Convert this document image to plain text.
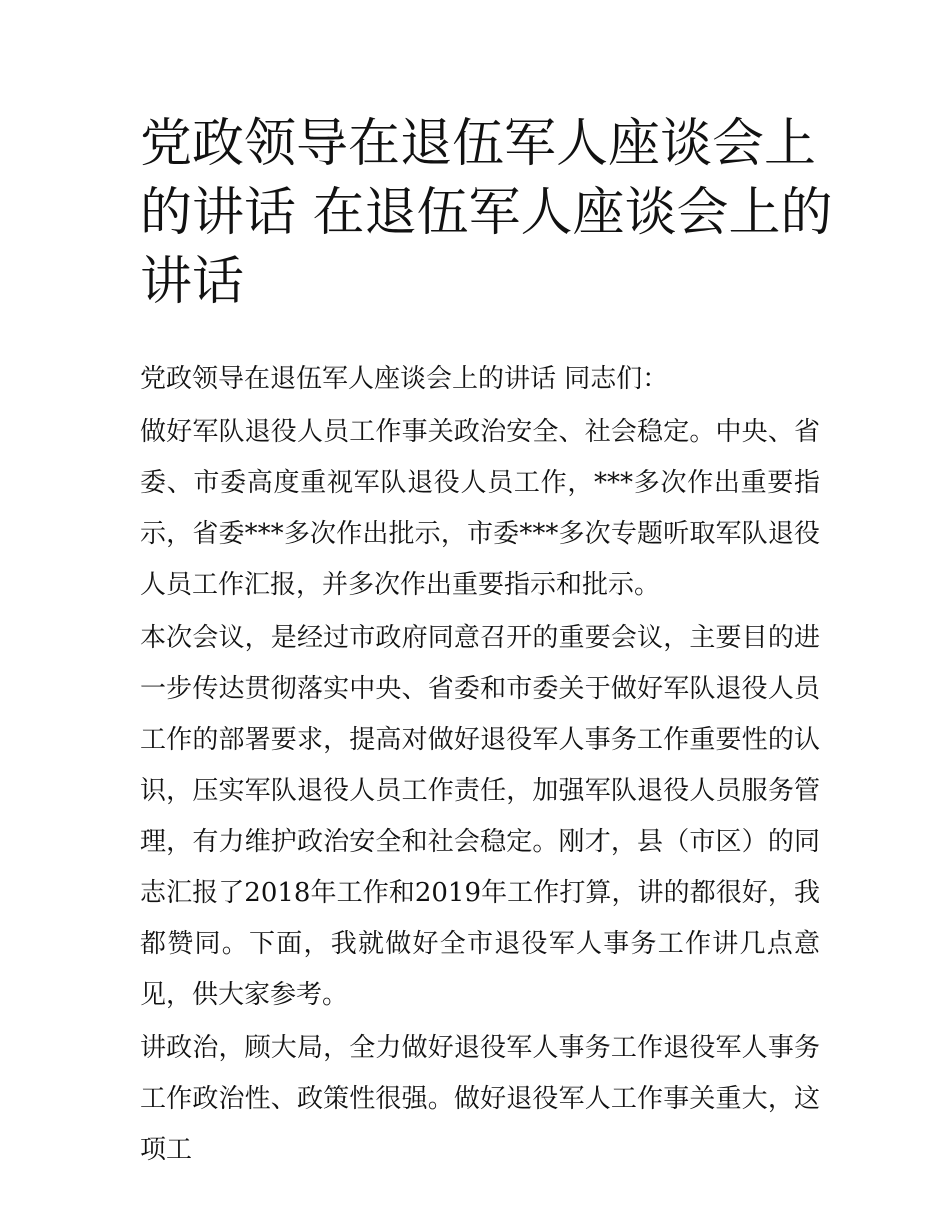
党政领导在退伍军人座谈会上的讲话 在退伍军人座谈会上的讲话

党政领导在退伍军人座谈会上的讲话 同志们：

做好军队退役人员工作事关政治安全、社会稳定。中央、省委、市委高度重视军队退役人员工作，***多次作出重要指示，省委***多次作出批示，市委***多次专题听取军队退役人员工作汇报，并多次作出重要指示和批示。

本次会议，是经过市政府同意召开的重要会议，主要目的进一步传达贯彻落实中央、省委和市委关于做好军队退役人员工作的部署要求，提高对做好退役军人事务工作重要性的认识，压实军队退役人员工作责任，加强军队退役人员服务管理，有力维护政治安全和社会稳定。刚才，县（市区）的同志汇报了2018年工作和2019年工作打算，讲的都很好，我都赞同。下面，我就做好全市退役军人事务工作讲几点意见，供大家参考。

讲政治，顾大局，全力做好退役军人事务工作退役军人事务工作政治性、政策性很强。做好退役军人工作事关重大，这项工
